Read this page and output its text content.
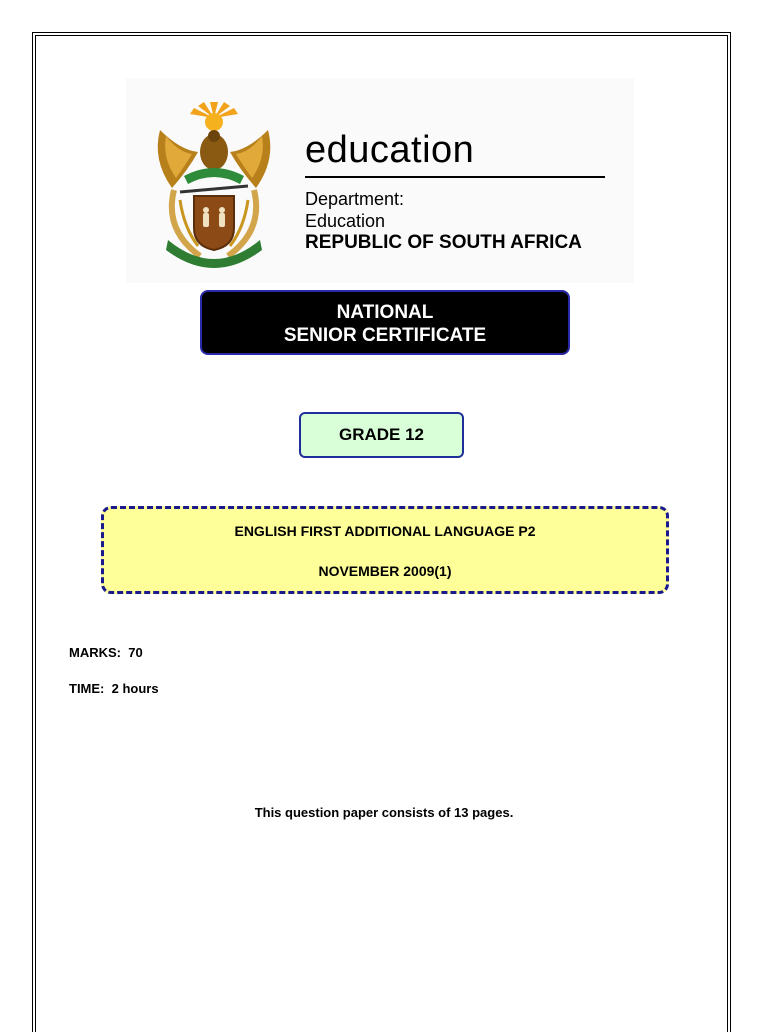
education
Department:
Education
REPUBLIC OF SOUTH AFRICA
NATIONAL
SENIOR CERTIFICATE
GRADE 12
ENGLISH FIRST ADDITIONAL LANGUAGE P2
NOVEMBER 2009(1)
MARKS:  70
TIME:  2 hours
This question paper consists of 13 pages.
